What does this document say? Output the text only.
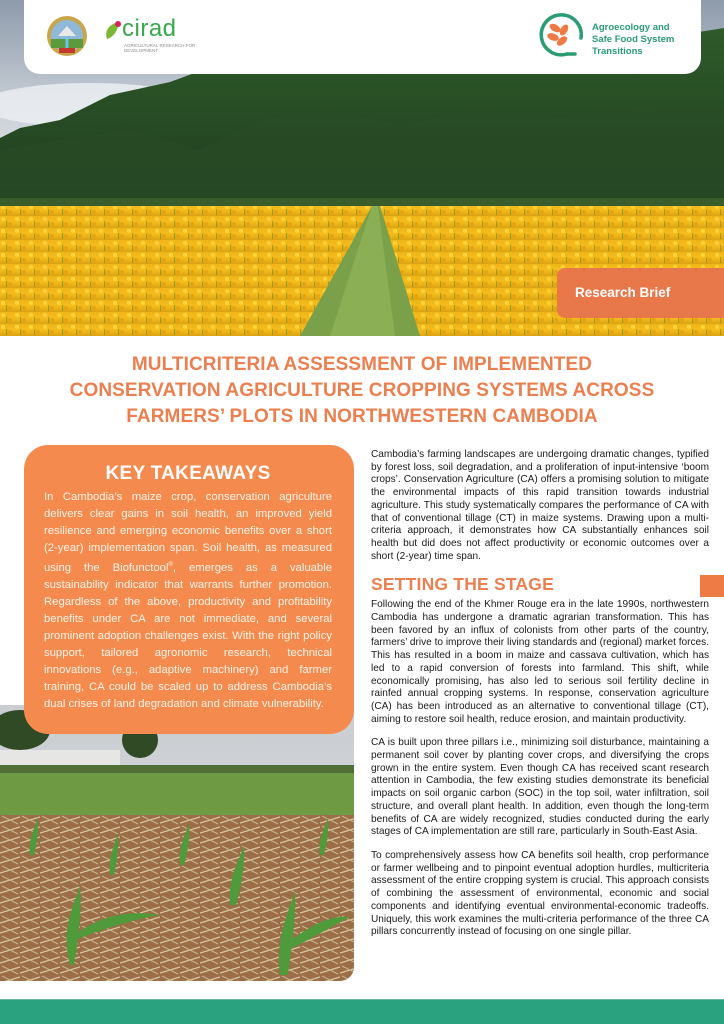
cirad
AGRICULTURAL RESEARCH FOR DEVELOPMENT
Agroecology and
Safe Food System
Transitions
Research Brief
MULTICRITERIA ASSESSMENT OF IMPLEMENTED
CONSERVATION AGRICULTURE CROPPING SYSTEMS ACROSS
FARMERS’ PLOTS IN NORTHWESTERN CAMBODIA
KEY TAKEAWAYS

In Cambodia’s maize crop, conservation agriculture delivers clear gains in soil health, an improved yield resilience and emerging economic benefits over a short (2-year) implementation span. Soil health, as measured using the Biofunctool®, emerges as a valuable sustainability indicator that warrants further promotion. Regardless of the above, productivity and profitability benefits under CA are not immediate, and several prominent adoption challenges exist. With the right policy support, tailored agronomic research, technical innovations (e.g., adaptive machinery) and farmer training, CA could be scaled up to address Cambodia’s dual crises of land degradation and climate vulnerability.

Cambodia’s farming landscapes are undergoing dramatic changes, typified by forest loss, soil degradation, and a proliferation of input-intensive ‘boom crops’. Conservation Agriculture (CA) offers a promising solution to mitigate the environmental impacts of this rapid transition towards industrial agriculture. This study systematically compares the performance of CA with that of conventional tillage (CT) in maize systems. Drawing upon a multi-criteria approach, it demonstrates how CA substantially enhances soil health but did does not affect productivity or economic outcomes over a short (2-year) time span.

SETTING THE STAGE

Following the end of the Khmer Rouge era in the late 1990s, northwestern Cambodia has undergone a dramatic agrarian transformation. This has been favored by an influx of colonists from other parts of the country, farmers’ drive to improve their living standards and (regional) market forces. This has resulted in a boom in maize and cassava cultivation, which has led to a rapid conversion of forests into farmland. This shift, while economically promising, has also led to serious soil fertility decline in rainfed annual cropping systems. In response, conservation agriculture (CA) has been introduced as an alternative to conventional tillage (CT), aiming to restore soil health, reduce erosion, and maintain productivity.

CA is built upon three pillars i.e., minimizing soil disturbance, maintaining a permanent soil cover by planting cover crops, and diversifying the crops grown in the entire system. Even though CA has received scant research attention in Cambodia, the few existing studies demonstrate its beneficial impacts on soil organic carbon (SOC) in the top soil, water infiltration, soil structure, and overall plant health. In addition, even though the long-term benefits of CA are widely recognized, studies conducted during the early stages of CA implementation are still rare, particularly in South-East Asia.

To comprehensively assess how CA benefits soil health, crop performance or farmer wellbeing and to pinpoint eventual adoption hurdles, multicriteria assessment of the entire cropping system is crucial. This approach consists of combining the assessment of environmental, economic and social components and identifying eventual environmental-economic tradeoffs. Uniquely, this work examines the multi-criteria performance of the three CA pillars concurrently instead of focusing on one single pillar.
